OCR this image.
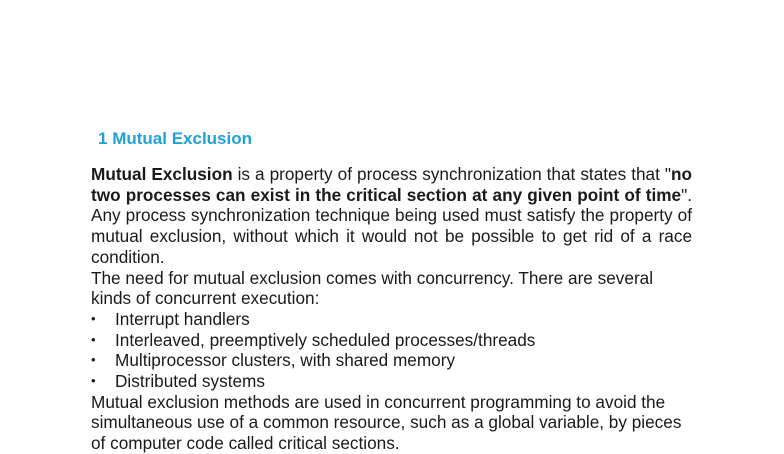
1 Mutual Exclusion

Mutual Exclusion is a property of process synchronization that states that "no two processes can exist in the critical section at any given point of time". Any process synchronization technique being used must satisfy the property of mutual exclusion, without which it would not be possible to get rid of a race condition.

The need for mutual exclusion comes with concurrency. There are several kinds of concurrent execution:

• Interrupt handlers
• Interleaved, preemptively scheduled processes/threads
• Multiprocessor clusters, with shared memory
• Distributed systems

Mutual exclusion methods are used in concurrent programming to avoid the simultaneous use of a common resource, such as a global variable, by pieces of computer code called critical sections.
